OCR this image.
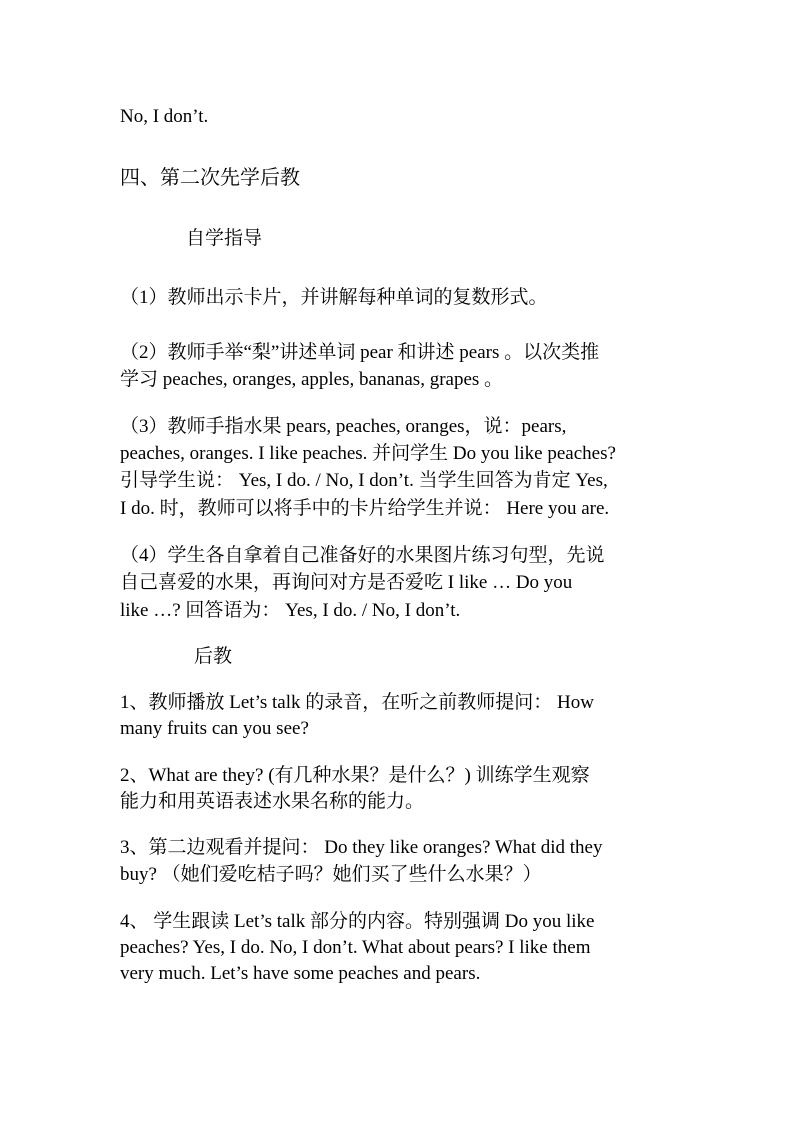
No, I don’t.
四、第二次先学后教
自学指导
（1）教师出示卡片，并讲解每种单词的复数形式。
（2）教师手举“梨”讲述单词 pear 和讲述 pears 。以次类推
学习 peaches, oranges, apples, bananas, grapes 。
（3）教师手指水果 pears, peaches, oranges，说：pears,
peaches, oranges. I like peaches. 并问学生 Do you like peaches?
引导学生说： Yes, I do. / No, I don’t. 当学生回答为肯定 Yes,
I do. 时，教师可以将手中的卡片给学生并说： Here you are.
（4）学生各自拿着自己准备好的水果图片练习句型，先说
自己喜爱的水果，再询问对方是否爱吃 I like … Do you
like …? 回答语为： Yes, I do. / No, I don’t.
后教
1、教师播放 Let’s talk 的录音，在听之前教师提问： How
many fruits can you see?
2、What are they? (有几种水果？是什么？) 训练学生观察
能力和用英语表述水果名称的能力。
3、第二边观看并提问： Do they like oranges? What did they
buy? （她们爱吃桔子吗？她们买了些什么水果？）
4、 学生跟读 Let’s talk 部分的内容。特别强调 Do you like
peaches? Yes, I do. No, I don’t. What about pears? I like them
very much. Let’s have some peaches and pears.
